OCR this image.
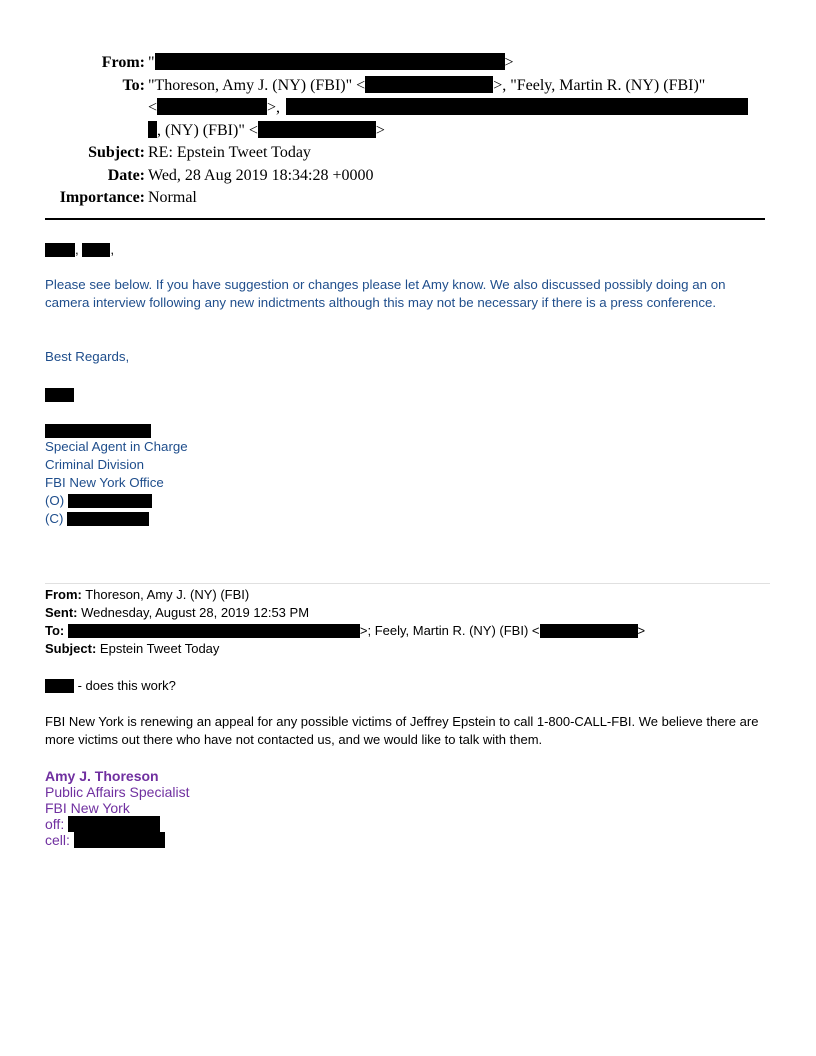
From: "	>
To: "Thoreson, Amy J. (NY) (FBI)" <	>, "Feely, Martin R. (NY) (FBI)"
<	>,
, (NY) (FBI)" <	>
Subject: RE: Epstein Tweet Today
Date: Wed, 28 Aug 2019 18:34:28 +0000
Importance: Normal
, ,
Please see below. If you have suggestion or changes please let Amy know. We also discussed possibly doing an on
camera interview following any new indictments although this may not be necessary if there is a press conference.
Best Regards,
Special Agent in Charge
Criminal Division
FBI New York Office
(O)
(C)
From: Thoreson, Amy J. (NY) (FBI)
Sent: Wednesday, August 28, 2019 12:53 PM
To:	>; Feely, Martin R. (NY) (FBI) <	>
Subject: Epstein Tweet Today
- does this work?
FBI New York is renewing an appeal for any possible victims of Jeffrey Epstein to call 1-800-CALL-FBI. We believe there are
more victims out there who have not contacted us, and we would like to talk with them.
Amy J. Thoreson
Public Affairs Specialist
FBI New York
off:
cell:
